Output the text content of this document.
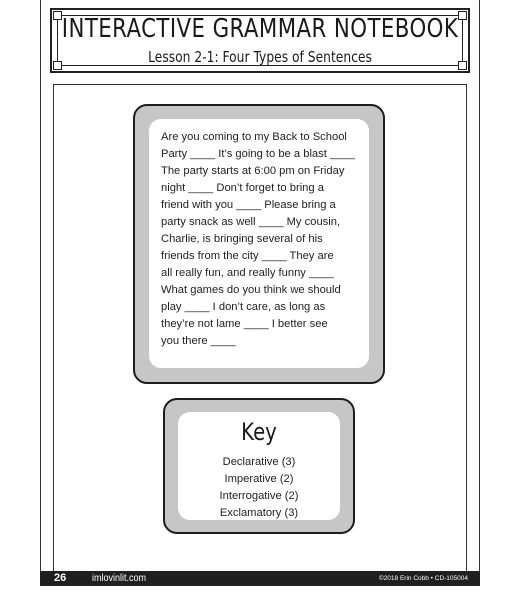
INTERACTIVE GRAMMAR NOTEBOOK
Lesson 2-1: Four Types of Sentences
Are you coming to my Back to School
Party ____ It’s going to be a blast ____
The party starts at 6:00 pm on Friday
night ____ Don’t forget to bring a
friend with you ____ Please bring a
party snack as well ____ My cousin,
Charlie, is bringing several of his
friends from the city ____ They are
all really fun, and really funny ____
What games do you think we should
play ____ I don’t care, as long as
they’re not lame ____ I better see
you there ____
Key
Declarative (3)
Imperative (2)
Interrogative (2)
Exclamatory (3)
26	imlovinlit.com	©2018 Erin Cobb • CD-105004
